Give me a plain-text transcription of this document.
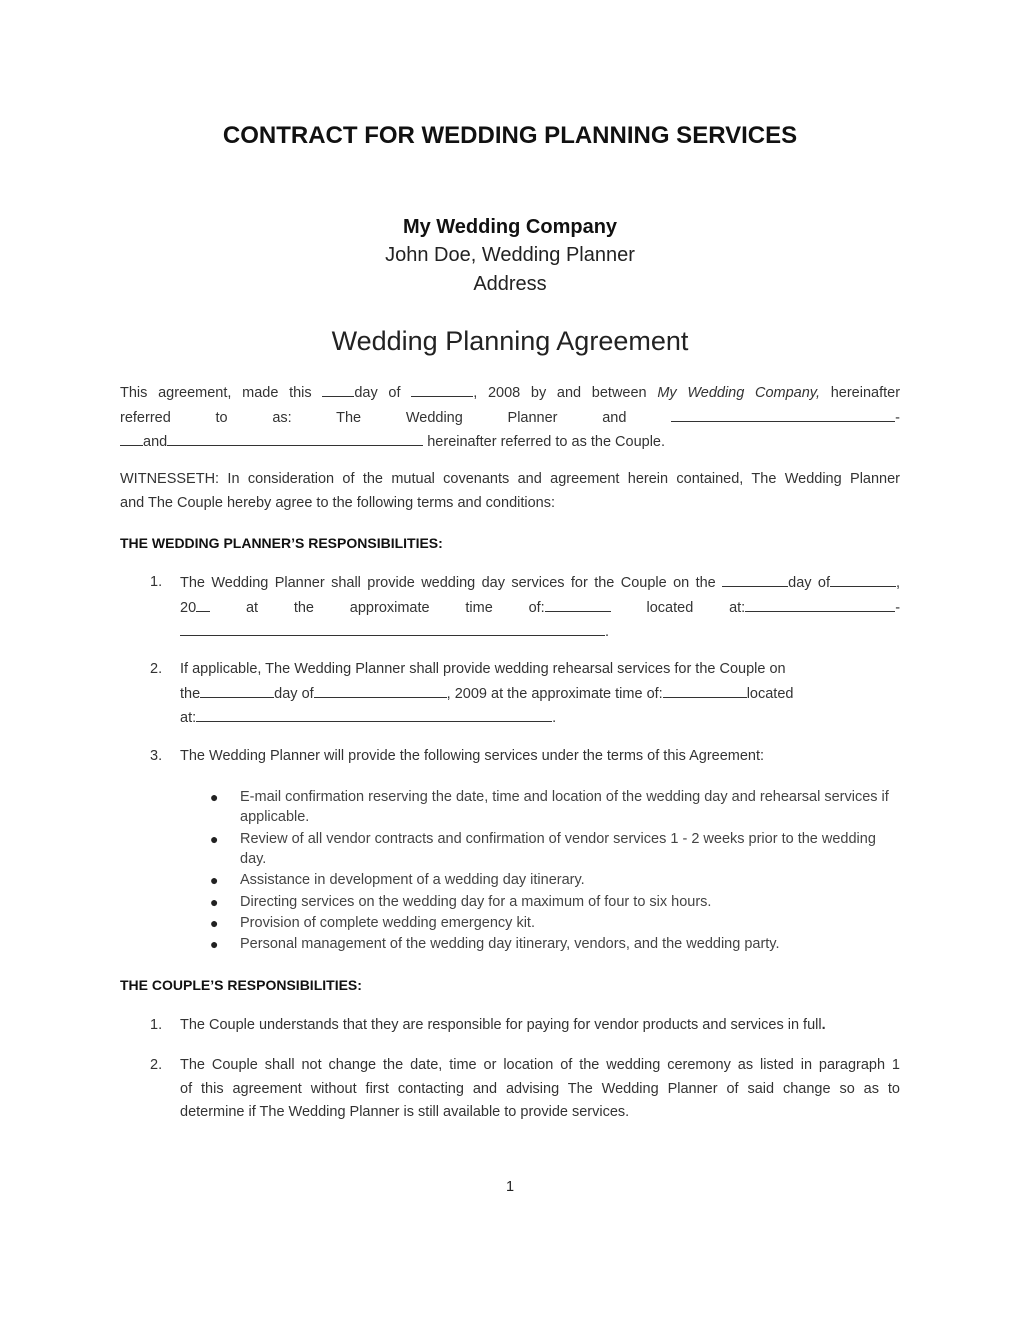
CONTRACT FOR WEDDING PLANNING SERVICES
My Wedding Company
John Doe, Wedding Planner
Address
Wedding Planning Agreement
This agreement, made this	day of	, 2008 by and between My Wedding Company, hereinafter
referred	to	as:	The	Wedding	Planner	and	-
and	hereinafter referred to as the Couple.
WITNESSETH: In consideration of the mutual covenants and agreement herein contained, The Wedding Planner
and The Couple hereby agree to the following terms and conditions:
THE WEDDING PLANNER’S RESPONSIBILITIES:
1. The Wedding Planner shall provide wedding day services for the Couple on the	day of	,
20	at the approximate time of:	located at:	-
.
2. If applicable, The Wedding Planner shall provide wedding rehearsal services for the Couple on
the	day of	, 2009 at the approximate time of:	located
at:	.
3. The Wedding Planner will provide the following services under the terms of this Agreement:
● E-mail confirmation reserving the date, time and location of the wedding day and rehearsal services if applicable.
● Review of all vendor contracts and confirmation of vendor services 1 - 2 weeks prior to the wedding day.
● Assistance in development of a wedding day itinerary.
● Directing services on the wedding day for a maximum of four to six hours.
● Provision of complete wedding emergency kit.
● Personal management of the wedding day itinerary, vendors, and the wedding party.
THE COUPLE’S RESPONSIBILITIES:
1. The Couple understands that they are responsible for paying for vendor products and services in full.
2. The Couple shall not change the date, time or location of the wedding ceremony as listed in paragraph 1
of this agreement without first contacting and advising The Wedding Planner of said change so as to
determine if The Wedding Planner is still available to provide services.
1
